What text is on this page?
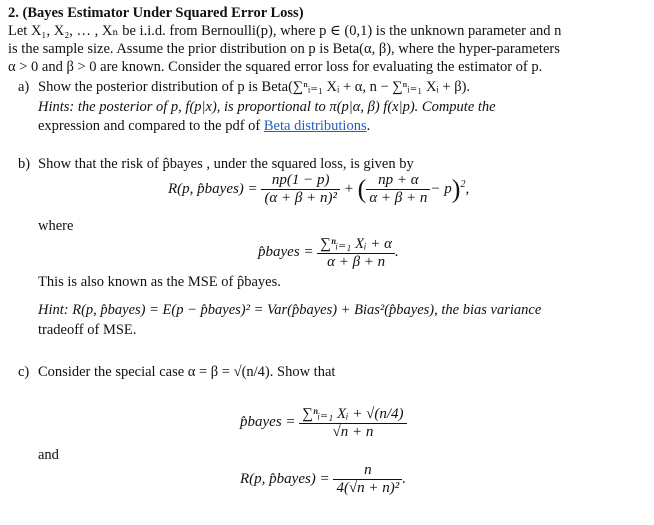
2. (Bayes Estimator Under Squared Error Loss)
Let X₁, X₂, … , Xₙ be i.i.d. from Bernoulli(p), where p ∈ (0,1) is the unknown parameter and n
is the sample size. Assume the prior distribution on p is Beta(α, β), where the hyper-parameters
α > 0 and β > 0 are known. Consider the squared error loss for evaluating the estimator of p.
a) Show the posterior distribution of p is Beta(∑ⁿᵢ₌₁ Xᵢ + α, n − ∑ⁿᵢ₌₁ Xᵢ + β).
Hints: the posterior of p, f(p|x), is proportional to π(p|α, β) f(x|p). Compute the
expression and compared to the pdf of Beta distributions.
b) Show that the risk of p̂bayes , under the squared loss, is given by
R(p, p̂bayes) = $\frac{np(1 - p)}{\text{(α + β + n)²}}$ + ( $\frac{np + \alpha}{\alpha + \beta + n} - p)^2$,
where
p̂bayes = $\frac{\text{∑ⁿᵢ₌₁ Xᵢ + α}}{\alpha + \beta + n}$ .
This is also known as the MSE of p̂bayes.
Hint: R(p, p̂bayes) = E(p − p̂bayes)² = Var(p̂bayes) + Bias²(p̂bayes), the bias variance
tradeoff of MSE.
c) Consider the special case α = β = √(n/4). Show that
p̂bayes = $\frac{\text{∑ⁿᵢ₌₁ Xᵢ + √(n/4)}}{√n + n}$
and
R(p, p̂bayes) = $\frac{n}{\text{4(√n + n)²}}$ .
